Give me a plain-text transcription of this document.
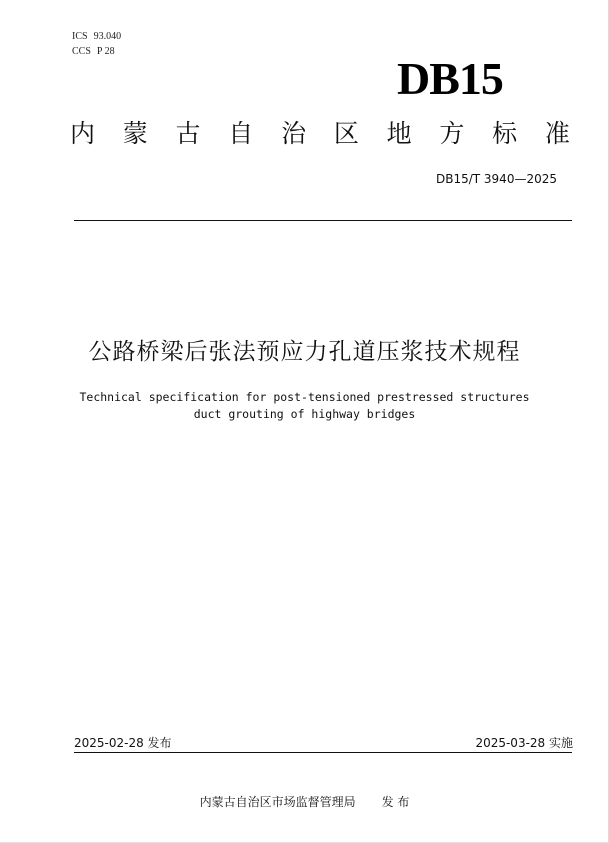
ICS 93.040
CCS P 28
DB15
内 蒙 古 自 治 区 地 方 标 准
DB15/T 3940—2025
公路桥梁后张法预应力孔道压浆技术规程
Technical specification for post-tensioned prestressed structures
duct grouting of highway bridges
2025-02-28 发布	2025-03-28 实施
内蒙古自治区市场监督管理局 发 布
